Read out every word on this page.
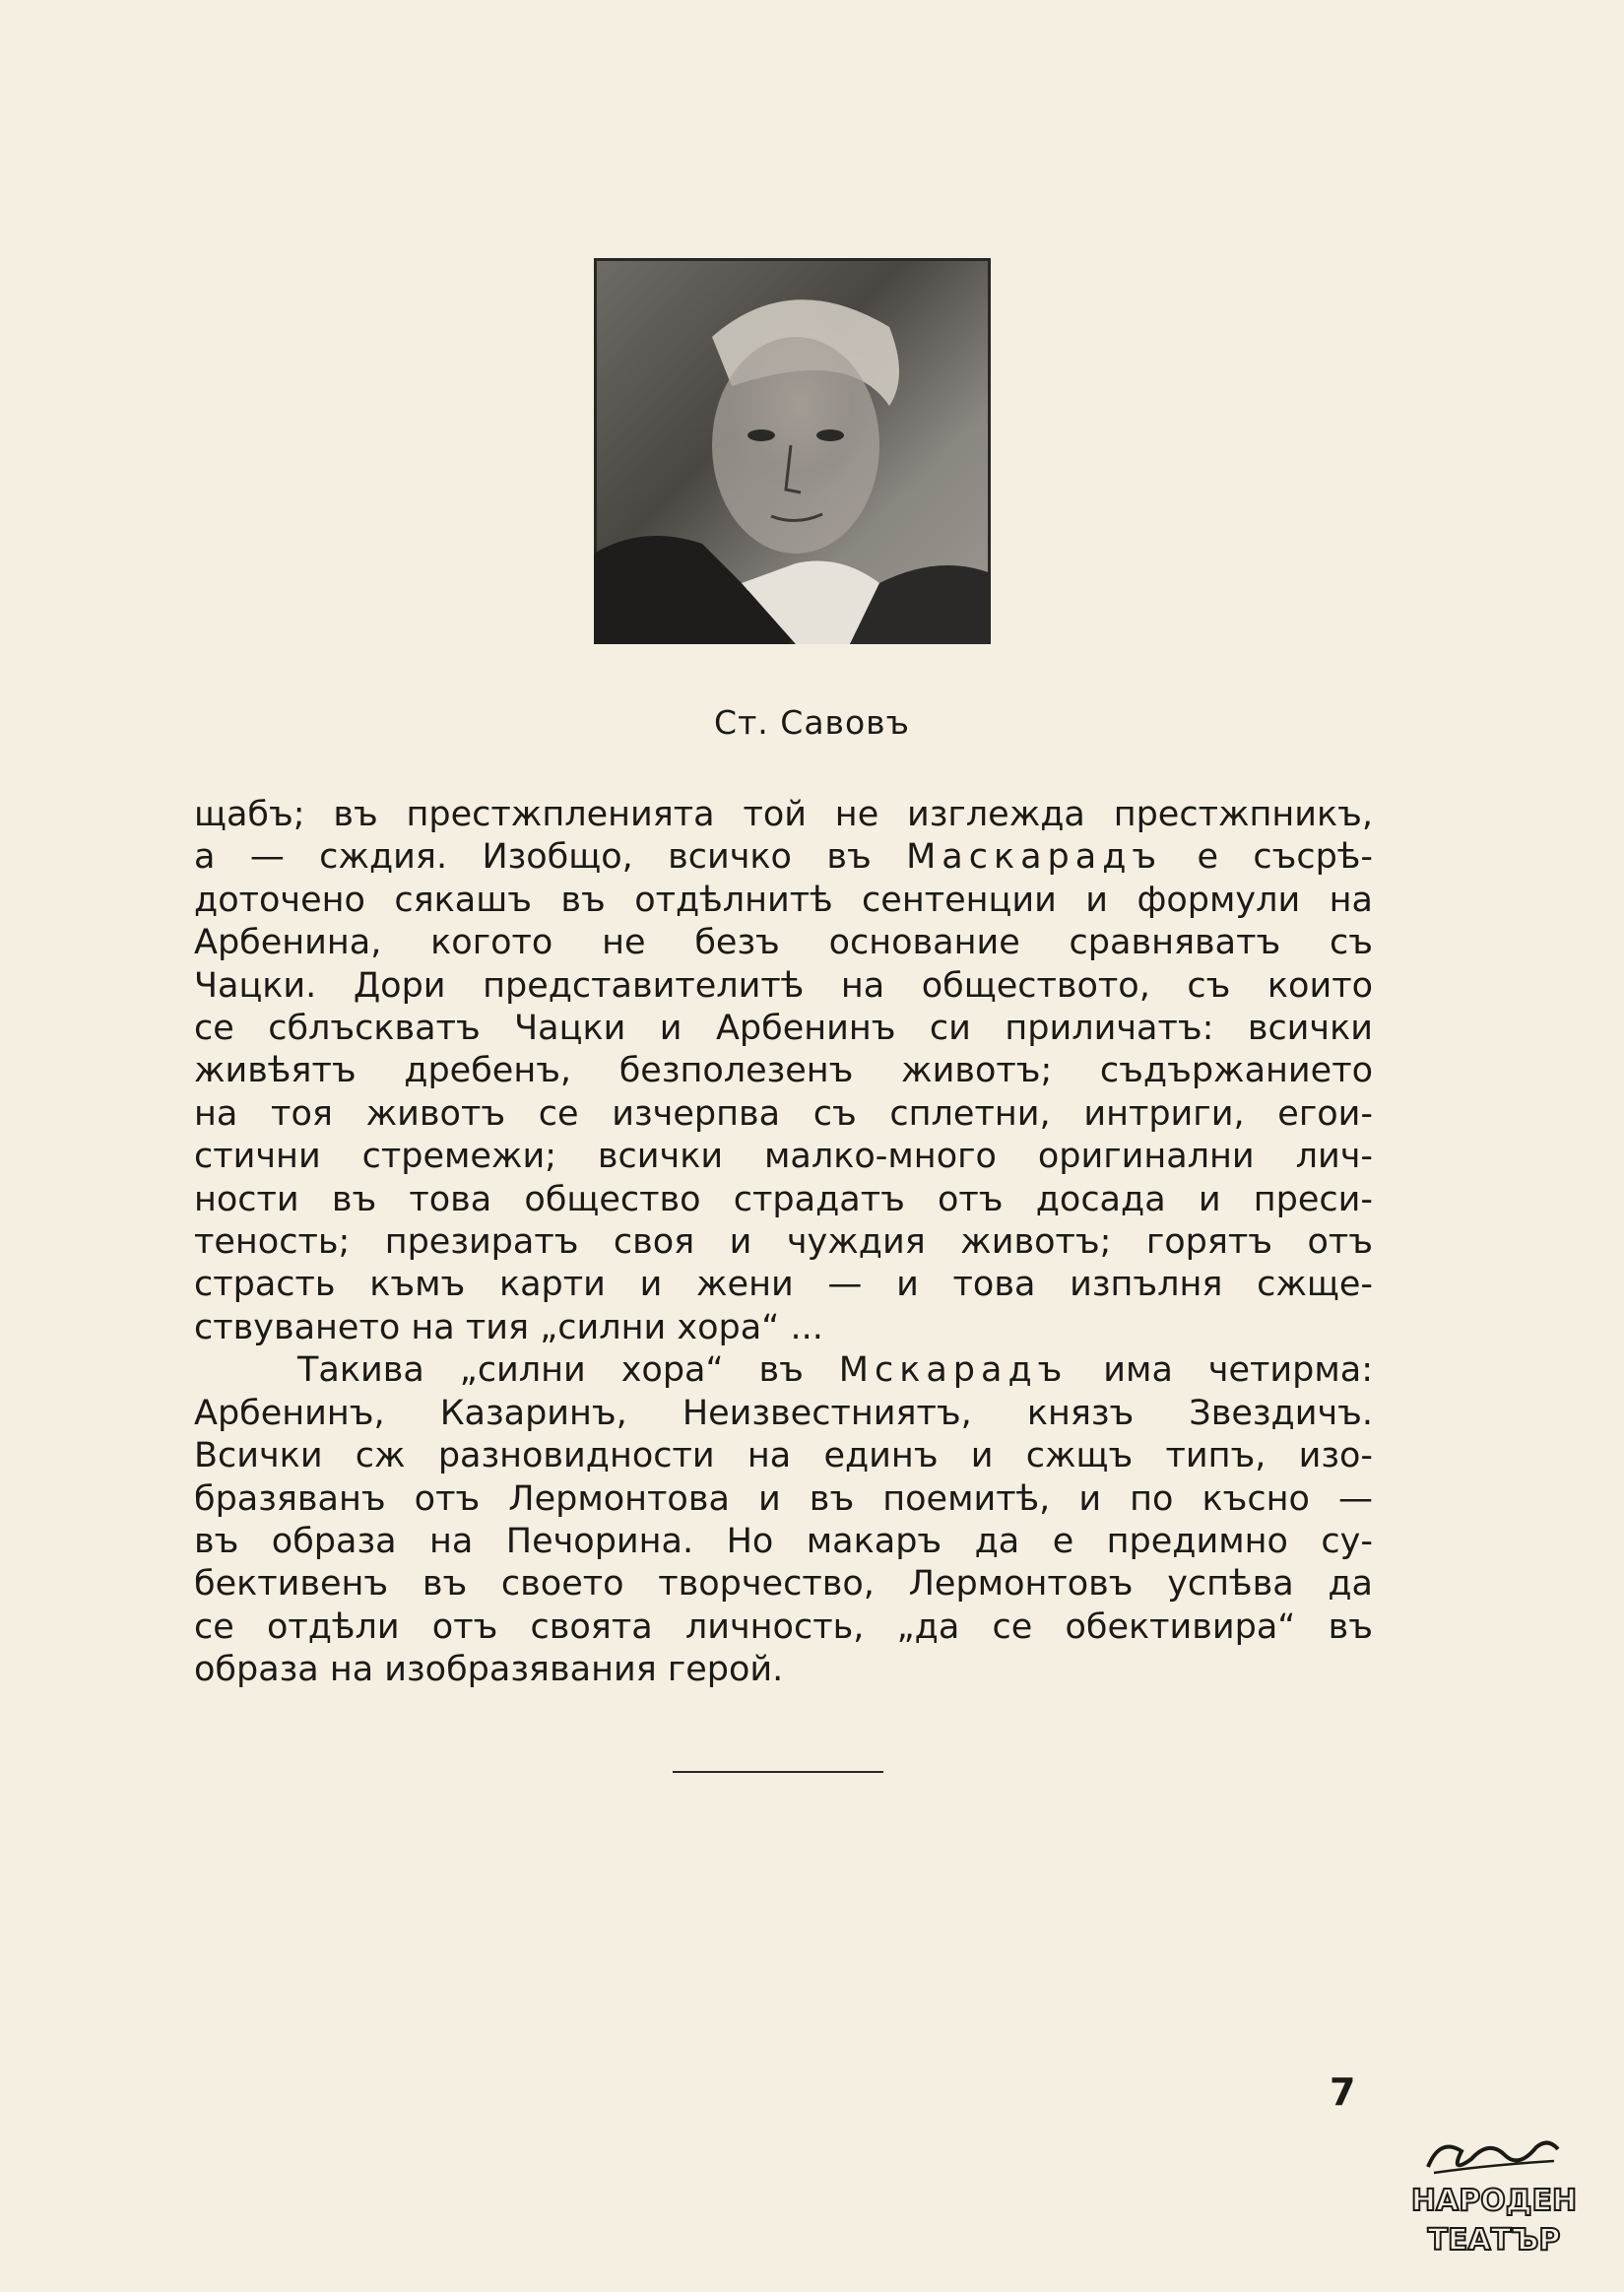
Ст. Савовъ

щабъ; въ престжпленията той не изглежда престжпникъ,

а — сждия. Изобщо, всичко въ Маскарадъ е съсрѣ-

доточено сякашъ въ отдѣлнитѣ сентенции и формули на

Арбенина, когото не безъ основание сравняватъ съ

Чацки. Дори представителитѣ на обществото, съ които

се сблъскватъ Чацки и Арбенинъ си приличатъ: всички

живѣятъ дребенъ, безполезенъ животъ; съдържанието

на тоя животъ се изчерпва съ сплетни, интриги, егои-

стични стремежи; всички малко-много оригинални лич-

ности въ това общество страдатъ отъ досада и преси-

теность; презиратъ своя и чуждия животъ; горятъ отъ

страсть къмъ карти и жени — и това изпълня сжще-

ствуването на тия „силни хора“ ...

Такива „силни хора“ въ Мскарадъ има четирма:

Арбенинъ, Казаринъ, Неизвестниятъ, князъ Звездичъ.

Всички сж разновидности на единъ и сжщъ типъ, изо-

бразяванъ отъ Лермонтова и въ поемитѣ, и по късно —

въ образа на Печорина. Но макаръ да е предимно су-

бективенъ въ своето творчество, Лермонтовъ успѣва да

се отдѣли отъ своята личность, „да се обективира“ въ

образа на изобразявания герой.

7
НАРОДЕН
ТЕАТЪР
